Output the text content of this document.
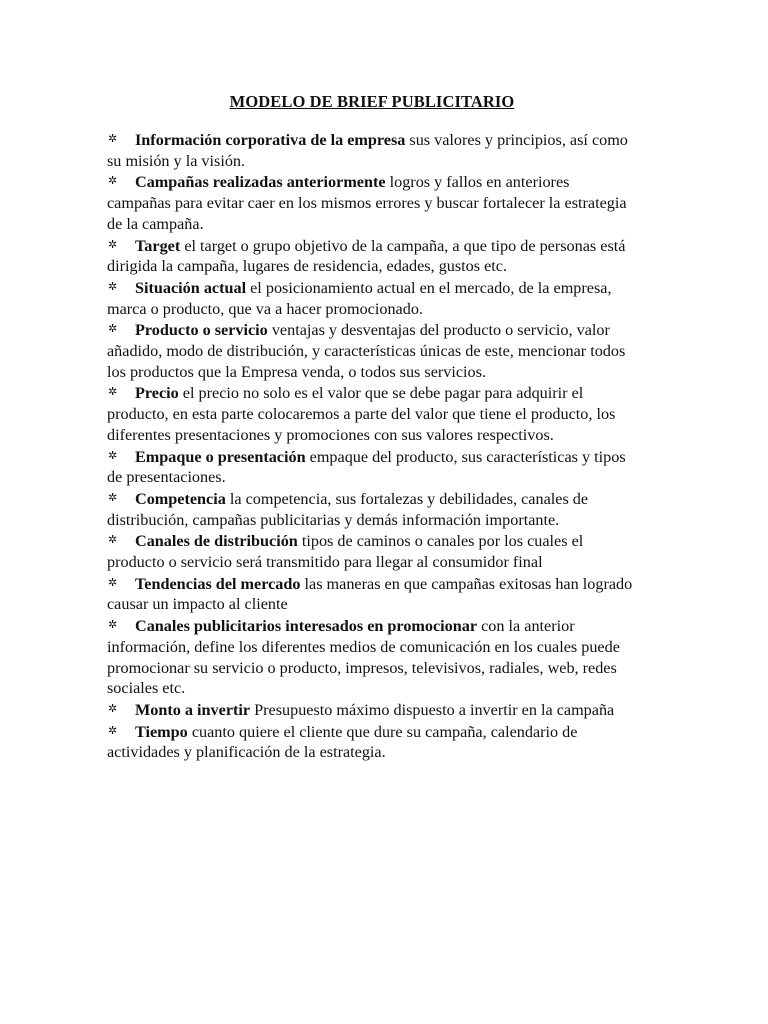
MODELO DE BRIEF PUBLICITARIO
✲ Información corporativa de la empresa sus valores y principios, así como su misión y la visión.
✲ Campañas realizadas anteriormente logros y fallos en anteriores campañas para evitar caer en los mismos errores y buscar fortalecer la estrategia de la campaña.
✲ Target el target o grupo objetivo de la campaña, a que tipo de personas está dirigida la campaña, lugares de residencia, edades, gustos etc.
✲ Situación actual el posicionamiento actual en el mercado, de la empresa, marca o producto, que va a hacer promocionado.
✲ Producto o servicio ventajas y desventajas del producto o servicio, valor añadido, modo de distribución, y características únicas de este, mencionar todos los productos que la Empresa venda, o todos sus servicios.
✲ Precio el precio no solo es el valor que se debe pagar para adquirir el producto, en esta parte colocaremos a parte del valor que tiene el producto, los diferentes presentaciones y promociones con sus valores respectivos.
✲ Empaque o presentación empaque del producto, sus características y tipos de presentaciones.
✲ Competencia la competencia, sus fortalezas y debilidades, canales de distribución, campañas publicitarias y demás información importante.
✲ Canales de distribución tipos de caminos o canales por los cuales el producto o servicio será transmitido para llegar al consumidor final
✲ Tendencias del mercado las maneras en que campañas exitosas han logrado causar un impacto al cliente
✲ Canales publicitarios interesados en promocionar con la anterior información, define los diferentes medios de comunicación en los cuales puede promocionar su servicio o producto, impresos, televisivos, radiales, web, redes sociales etc.
✲ Monto a invertir Presupuesto máximo dispuesto a invertir en la campaña
✲ Tiempo cuanto quiere el cliente que dure su campaña, calendario de actividades y planificación de la estrategia.
